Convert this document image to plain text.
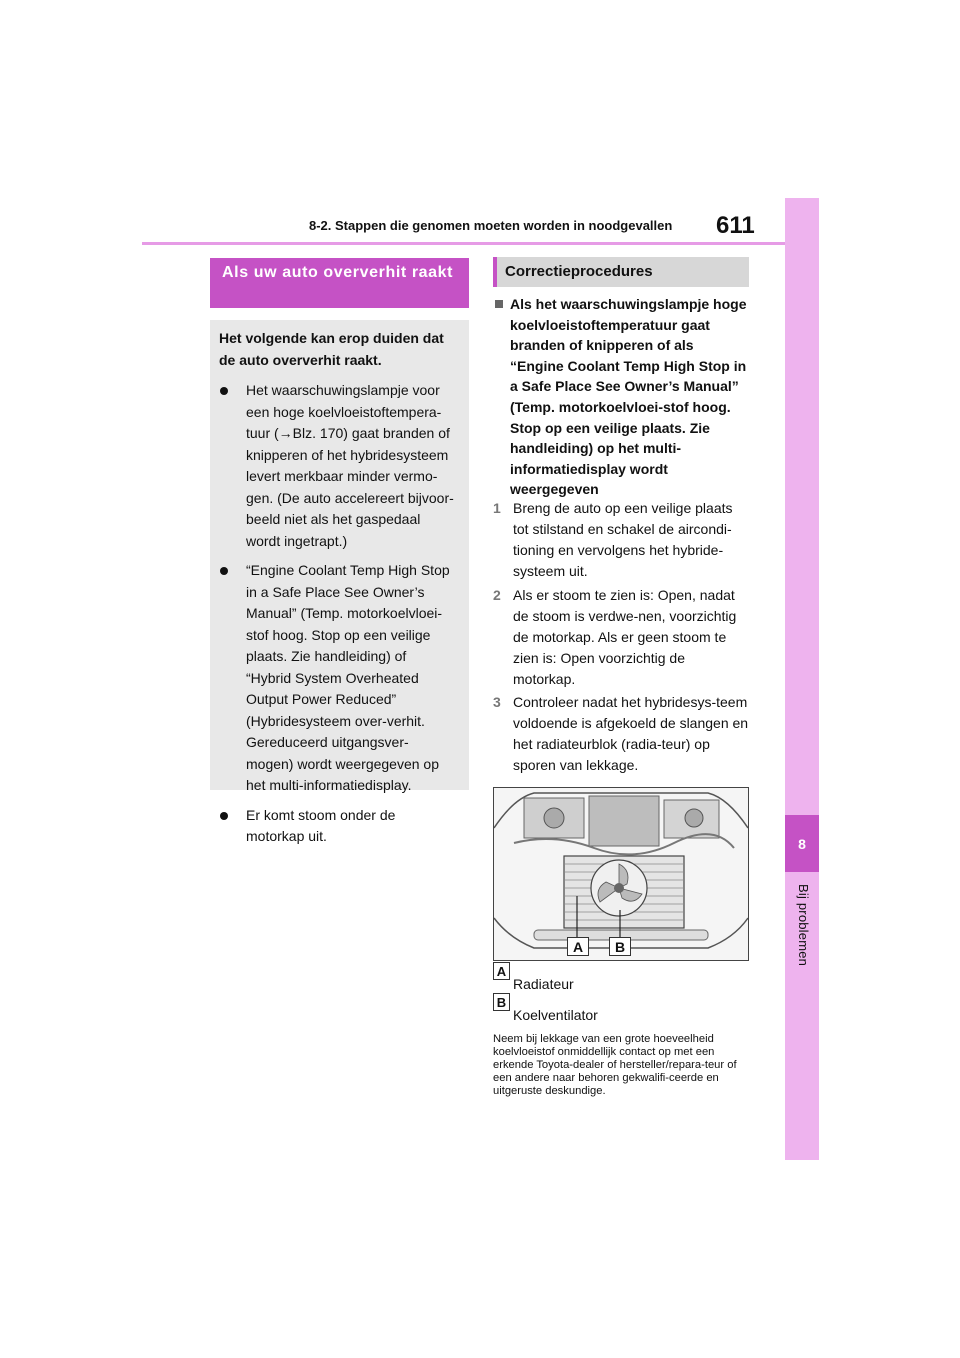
8-2. Stappen die genomen moeten worden in noodgevallen 611
8
Bij problemen
Als uw auto oververhit raakt
Het volgende kan erop duiden dat de auto oververhit raakt.
Het waarschuwingslampje voor een hoge koelvloeistoftempera-tuur (→Blz. 170) gaat branden of knipperen of het hybridesysteem levert merkbaar minder vermo-gen. (De auto accelereert bijvoor-beeld niet als het gaspedaal wordt ingetrapt.)
“Engine Coolant Temp High Stop in a Safe Place See Owner’s Manual” (Temp. motorkoelvloei-stof hoog. Stop op een veilige plaats. Zie handleiding) of “Hybrid System Overheated Output Power Reduced” (Hybridesysteem over-verhit. Gereduceerd uitgangsver-mogen) wordt weergegeven op het multi-informatiedisplay.
Er komt stoom onder de motorkap uit.
Correctieprocedures
Als het waarschuwingslampje hoge koelvloeistoftemperatuur gaat branden of knipperen of als “Engine Coolant Temp High Stop in a Safe Place See Owner’s Manual” (Temp. motorkoelvloei-stof hoog. Stop op een veilige plaats. Zie handleiding) op het multi-informatiedisplay wordt weergegeven
1 Breng de auto op een veilige plaats tot stilstand en schakel de aircondi-tioning en vervolgens het hybride-systeem uit.
2 Als er stoom te zien is: Open, nadat de stoom is verdwe-nen, voorzichtig de motorkap. Als er geen stoom te zien is: Open voorzichtig de motorkap.
3 Controleer nadat het hybridesys-teem voldoende is afgekoeld de slangen en het radiateurblok (radia-teur) op sporen van lekkage.
A	B
A
Radiateur
B
Koelventilator
Neem bij lekkage van een grote hoeveelheid koelvloeistof onmiddellijk contact op met een erkende Toyota-dealer of hersteller/repara-teur of een andere naar behoren gekwalifi-ceerde en uitgeruste deskundige.
